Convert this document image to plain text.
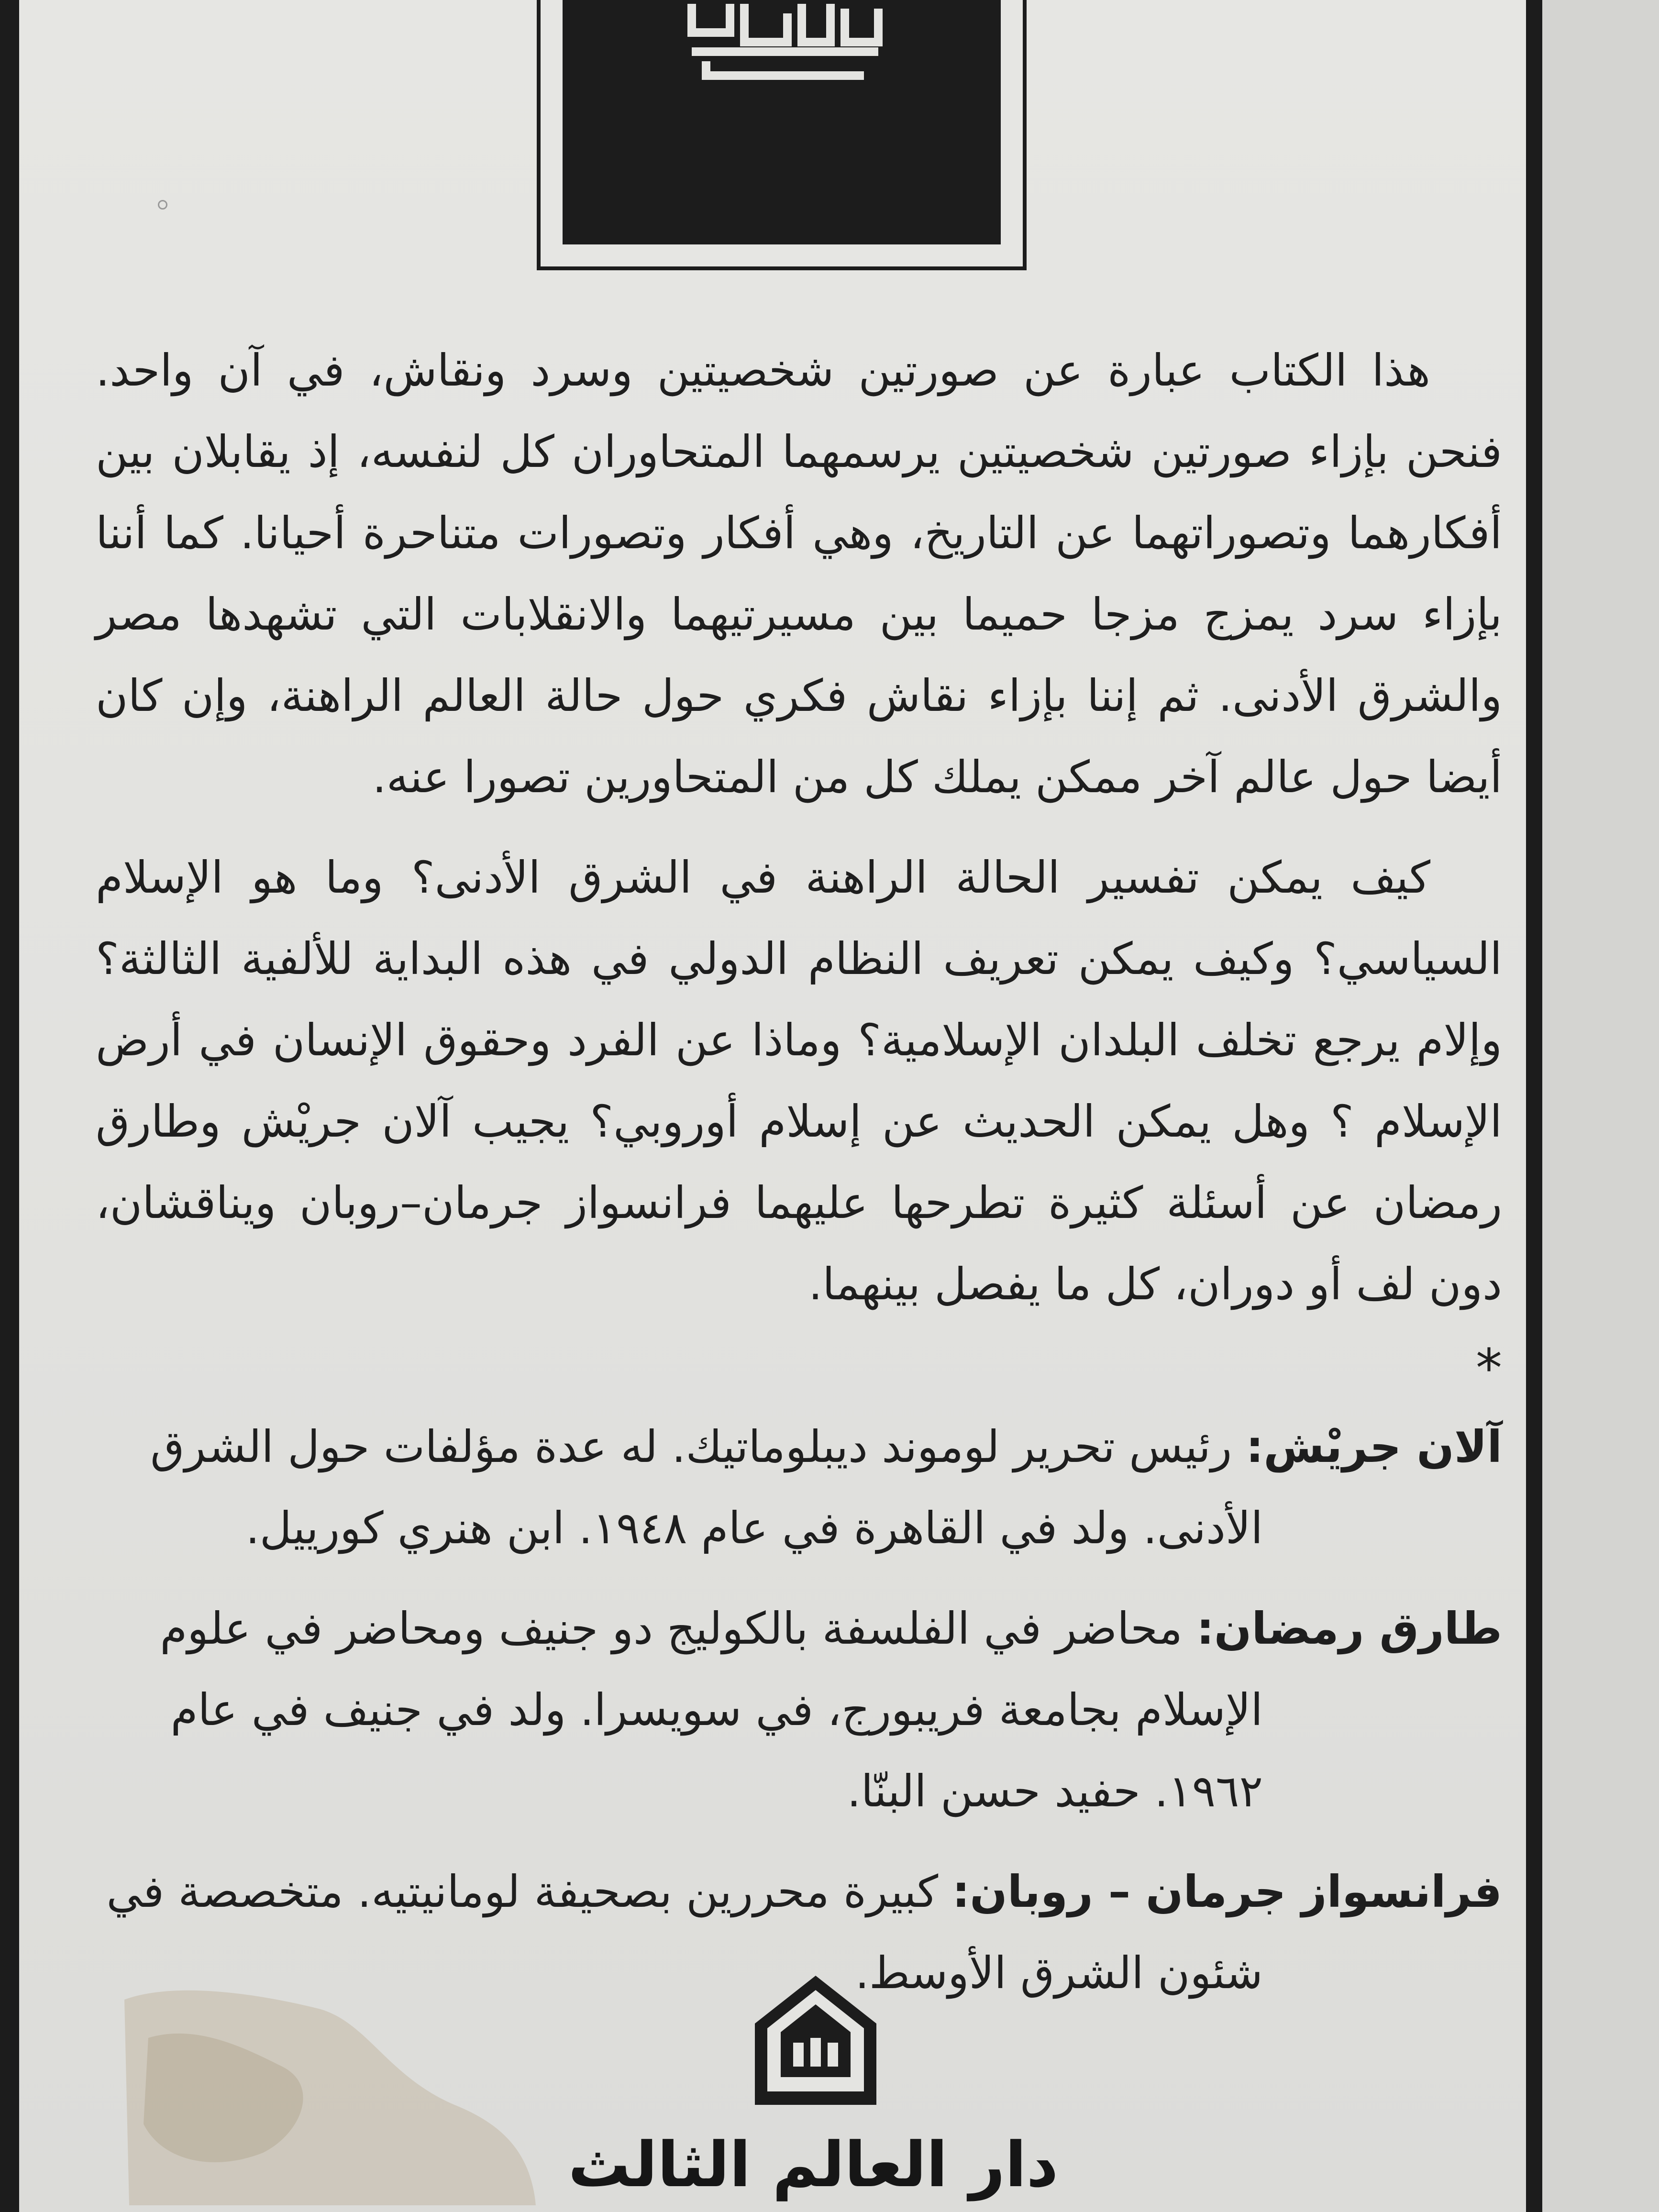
هذا الكتاب عبارة عن صورتين شخصيتين وسرد ونقاش، في آن واحد. فنحن بإزاء صورتين شخصيتين يرسمهما المتحاوران كل لنفسه، إذ يقابلان بين أفكارهما وتصوراتهما عن التاريخ، وهي أفكار وتصورات متناحرة أحيانا. كما أننا بإزاء سرد يمزج مزجا حميما بين مسيرتيهما والانقلابات التي تشهدها مصر والشرق الأدنى. ثم إننا بإزاء نقاش فكري حول حالة العالم الراهنة، وإن كان أيضا حول عالم آخر ممكن يملك كل من المتحاورين تصورا عنه.

كيف يمكن تفسير الحالة الراهنة في الشرق الأدنى؟ وما هو الإسلام السياسي؟ وكيف يمكن تعريف النظام الدولي في هذه البداية للألفية الثالثة؟ وإلام يرجع تخلف البلدان الإسلامية؟ وماذا عن الفرد وحقوق الإنسان في أرض الإسلام ؟ وهل يمكن الحديث عن إسلام أوروبي؟ يجيب آلان جريْش وطارق رمضان عن أسئلة كثيرة تطرحها عليهما فرانسواز جرمان–روبان ويناقشان، دون لف أو دوران، كل ما يفصل بينهما.

*
آلان جريْش: رئيس تحرير لوموند ديبلوماتيك. له عدة مؤلفات حول الشرق
الأدنى. ولد في القاهرة في عام ١٩٤٨. ابن هنري كورييل.
طارق رمضان: محاضر في الفلسفة بالكوليج دو جنيف ومحاضر في علوم
الإسلام بجامعة فريبورج، في سويسرا. ولد في جنيف في عام ١٩٦٢. حفيد حسن البنّا.
فرانسواز جرمان – روبان: كبيرة محررين بصحيفة لومانيتيه. متخصصة في
شئون الشرق الأوسط.
دار العالم الثالث
